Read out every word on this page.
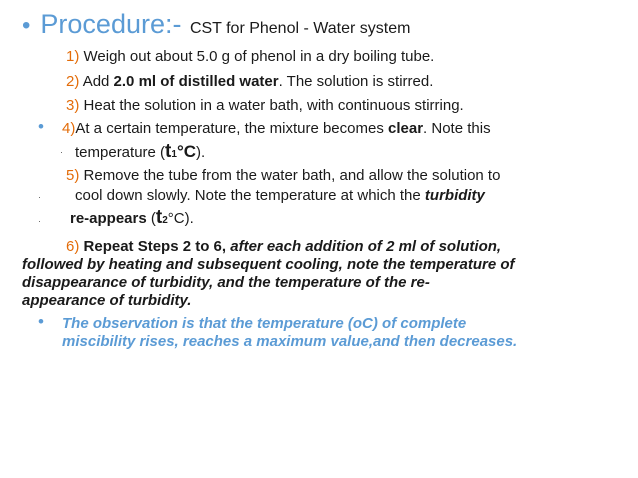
• Procedure:- CST for Phenol - Water system
1) Weigh out about 5.0 g of phenol in a dry boiling tube.
2) Add 2.0 ml of distilled water. The solution is stirred.
3) Heat the solution in a water bath, with continuous stirring.
• 4)At a certain temperature, the mixture becomes clear. Note this
· temperature (t1°C).
5) Remove the tube from the water bath, and allow the solution to
· cool down slowly. Note the temperature at which the turbidity
· re-appears (t2°C).
6) Repeat Steps 2 to 6, after each addition of 2 ml of solution,
followed by heating and subsequent cooling, note the temperature of
disappearance of turbidity, and the temperature of the re-
appearance of turbidity.
• The observation is that the temperature (oC) of complete
miscibility rises, reaches a maximum value,and then decreases.
